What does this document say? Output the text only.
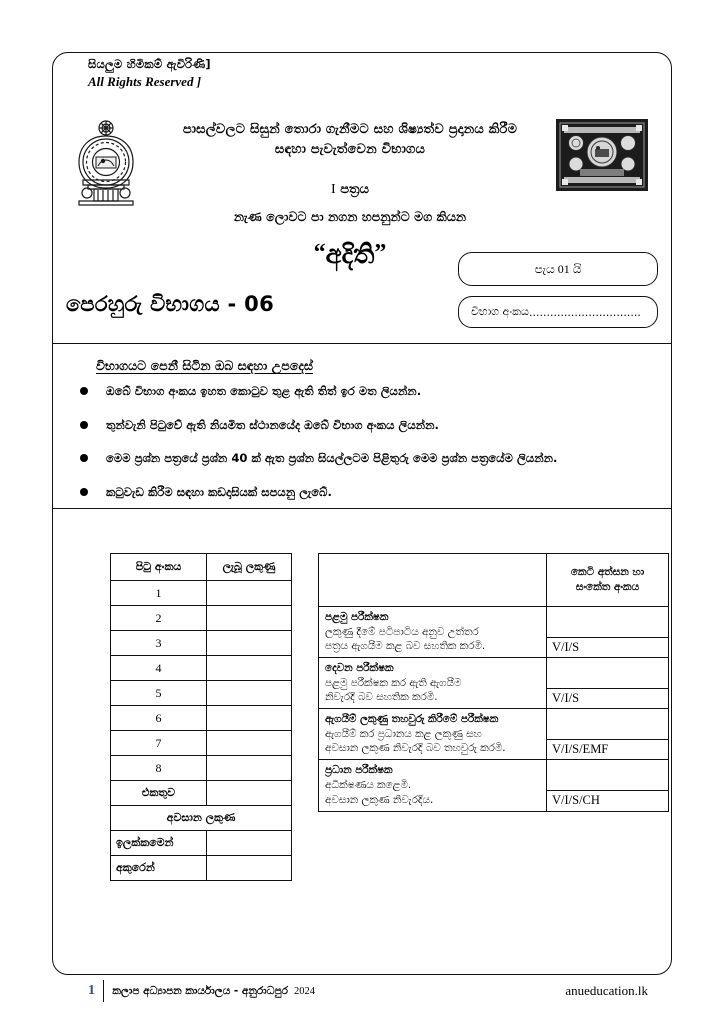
සියලුම හිමිකම් ඇවිරිණි]
All Rights Reserved ]
පාසල්වලට සිසුන් තොරා ගැනීමට සහ ශිෂ්‍යත්ව ප්‍රදානය කිරීම
සඳහා පැවැත්වෙන විභාගය
I පත්‍රය
නැණ ලොවට පා නගන හපනුන්ට මග කියන
“අදිති”
පෙරහුරු විභාගය - 06
පැය 01 යි
විභාග අංකය ................................
විභාගයට පෙනී සිටින ඔබ සඳහා උපදෙස්
ඔබේ විභාග අංකය ඉහත කොටුව තුළ ඇති තිත් ඉර මත ලියන්න.
තුන්වැනි පිටුවේ ඇති නියමිත ස්ථානයේද ඔබේ විභාග අංකය ලියන්න.
මෙම ප්‍රශ්න පත්‍රයේ ප්‍රශ්න 40 ක් ඇත ප්‍රශ්න සියල්ලටම පිළිතුරු මෙම ප්‍රශ්න පත්‍රයේම ලියන්න.
කටුවැඩ කිරීම සඳහා කඩදාසියක් සපයනු ලැබේ.
පිටු අංකය	ලැබූ ලකුණු
1	
2	
3	
4	
5	
6	
7	
8	
එකතුව	
අවසාන ලකුණ	
ඉලක්කමෙන්	
අකුරෙන්	
	කෙටි අත්සන හා
සංකේත අංකය

පළමු පරීක්ෂක
ලකුණු දීමේ පටිපාටිය අනුව උත්තර
පත්‍රය ඇගයීම කළ බව සහතික කරමි.	
	V/I/S

දෙවන පරීක්ෂක
පළමු පරීක්ෂක කර ඇති ඇගයීම
නිවැරදි බව සහතික කරමි.	
	V/I/S

ඇගයීම් ලකුණු තහවුරු කිරීමේ පරීක්ෂක
ඇගයීම් කර ප්‍රධානය කළ ලකුණු සහ
අවසාන ලකුණ නිවැරදි බව තහවුරු කරමි.	
	V/I/S/EMF

ප්‍රධාන පරීක්ෂක
අධීක්ෂණය කළෙමි.
අවසාන ලකුණ නිවැරදිය.	
	V/I/S/CH
1	කලාප අධ්‍යාපන කාර්යාලය - අනුරාධපුර 2024	anueducation.lk
